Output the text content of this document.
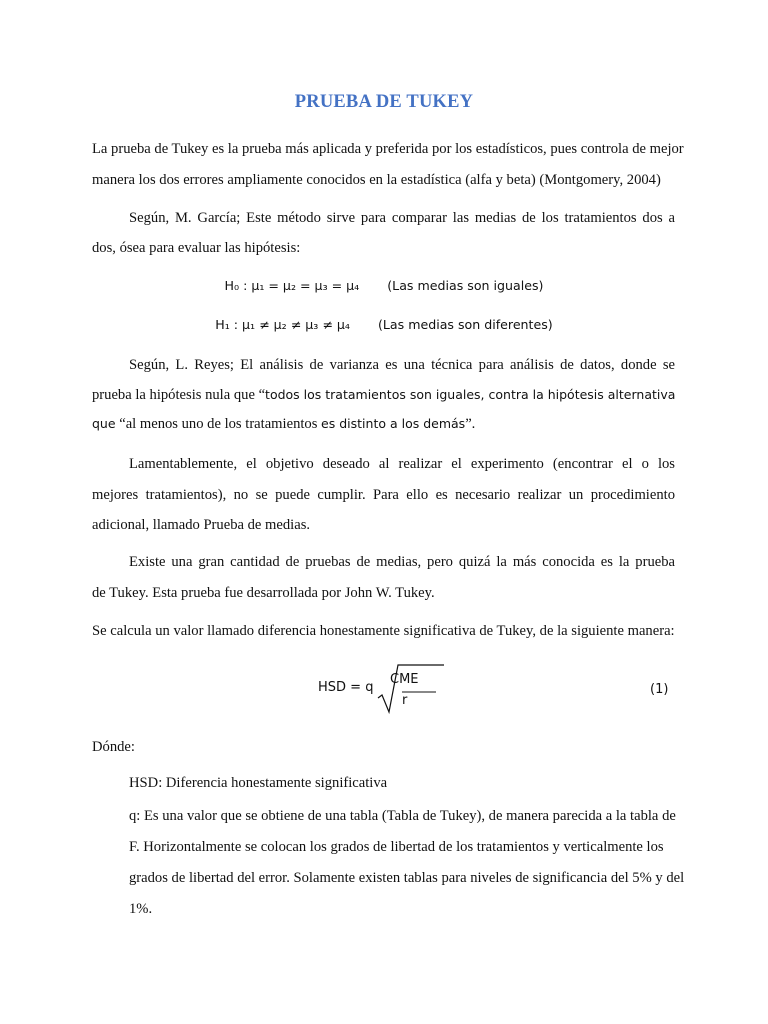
PRUEBA DE TUKEY
La prueba de Tukey es la prueba más aplicada y preferida por los estadísticos, pues controla de mejor
manera los dos errores ampliamente conocidos en la estadística (alfa y beta) (Montgomery, 2004)
Según, M. García; Este método sirve para comparar las medias de los tratamientos dos a
dos, ósea para evaluar las hipótesis:
H₀ : μ₁ = μ₂ = μ₃ = μ₄ (Las medias son iguales)
H₁ : μ₁ ≠ μ₂ ≠ μ₃ ≠ μ₄ (Las medias son diferentes)
Según, L. Reyes; El análisis de varianza es una técnica para análisis de datos, donde se
prueba la hipótesis nula que “todos los tratamientos son iguales, contra la hipótesis alternativa
que “al menos uno de los tratamientos es distinto a los demás”.
Lamentablemente, el objetivo deseado al realizar el experimento (encontrar el o los
mejores tratamientos), no se puede cumplir. Para ello es necesario realizar un procedimiento
adicional, llamado Prueba de medias.
Existe una gran cantidad de pruebas de medias, pero quizá la más conocida es la prueba
de Tukey. Esta prueba fue desarrollada por John W. Tukey.
Se calcula un valor llamado diferencia honestamente significativa de Tukey, de la siguiente manera:
HSD = q
CME
r
(1)
Dónde:
HSD: Diferencia honestamente significativa
q: Es una valor que se obtiene de una tabla (Tabla de Tukey), de manera parecida a la tabla de
F. Horizontalmente se colocan los grados de libertad de los tratamientos y verticalmente los
grados de libertad del error. Solamente existen tablas para niveles de significancia del 5% y del
1%.
